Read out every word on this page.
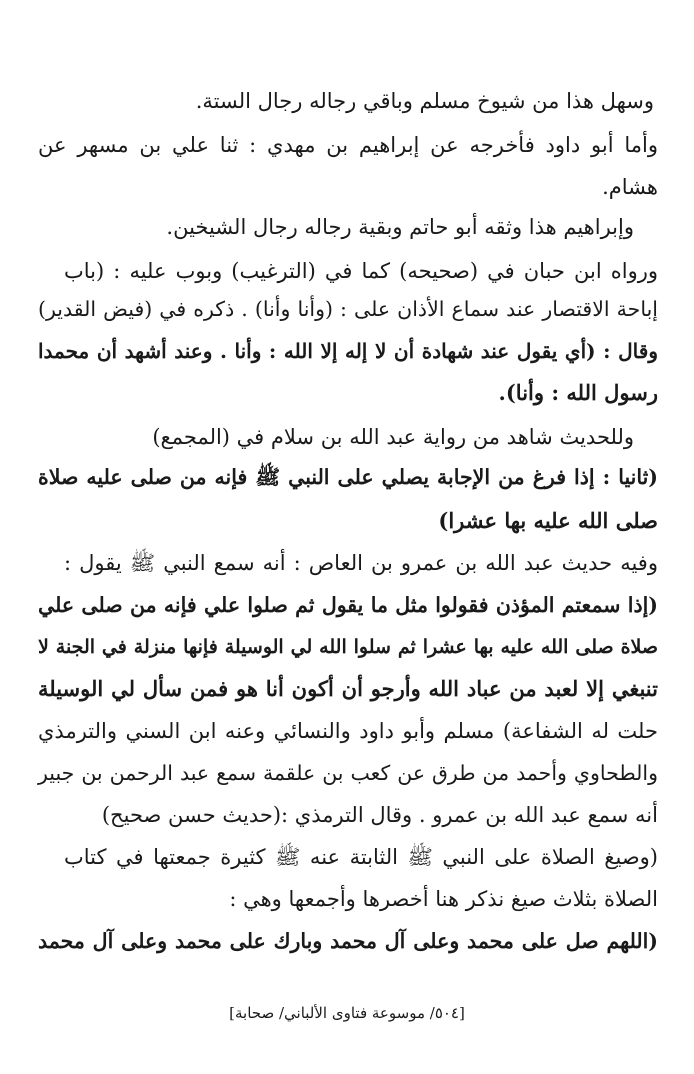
وسهل هذا من شيوخ مسلم وباقي رجاله رجال الستة.
وأما أبو داود فأخرجه عن إبراهيم بن مهدي : ثنا علي بن مسهر عن
هشام.
وإبراهيم هذا وثقه أبو حاتم وبقية رجاله رجال الشيخين.
ورواه ابن حبان في (صحيحه) كما في (الترغيب) وبوب عليه : (باب
إباحة الاقتصار عند سماع الأذان على : (وأنا وأنا) . ذكره في (فيض القدير)
وقال : (أي يقول عند شهادة أن لا إله إلا الله : وأنا . وعند أشهد أن محمدا
رسول الله : وأنا).
وللحديث شاهد من رواية عبد الله بن سلام في (المجمع)
(ثانيا : إذا فرغ من الإجابة يصلي على النبي ﷺ فإنه من صلى عليه صلاة
صلى الله عليه بها عشرا)
وفيه حديث عبد الله بن عمرو بن العاص : أنه سمع النبي ﷺ يقول :
(إذا سمعتم المؤذن فقولوا مثل ما يقول ثم صلوا علي فإنه من صلى علي
صلاة صلى الله عليه بها عشرا ثم سلوا الله لي الوسيلة فإنها منزلة في الجنة لا
تنبغي إلا لعبد من عباد الله وأرجو أن أكون أنا هو فمن سأل لي الوسيلة
حلت له الشفاعة) مسلم وأبو داود والنسائي وعنه ابن السني والترمذي
والطحاوي وأحمد من طرق عن كعب بن علقمة سمع عبد الرحمن بن جبير
أنه سمع عبد الله بن عمرو . وقال الترمذي :(حديث حسن صحيح)
(وصيغ الصلاة على النبي ﷺ الثابتة عنه ﷺ كثيرة جمعتها في كتاب
الصلاة بثلاث صيغ نذكر هنا أخصرها وأجمعها وهي :
(اللهم صل على محمد وعلى آل محمد وبارك على محمد وعلى آل محمد
[٥٠٤/ موسوعة فتاوى الألباني/ صحابة]
